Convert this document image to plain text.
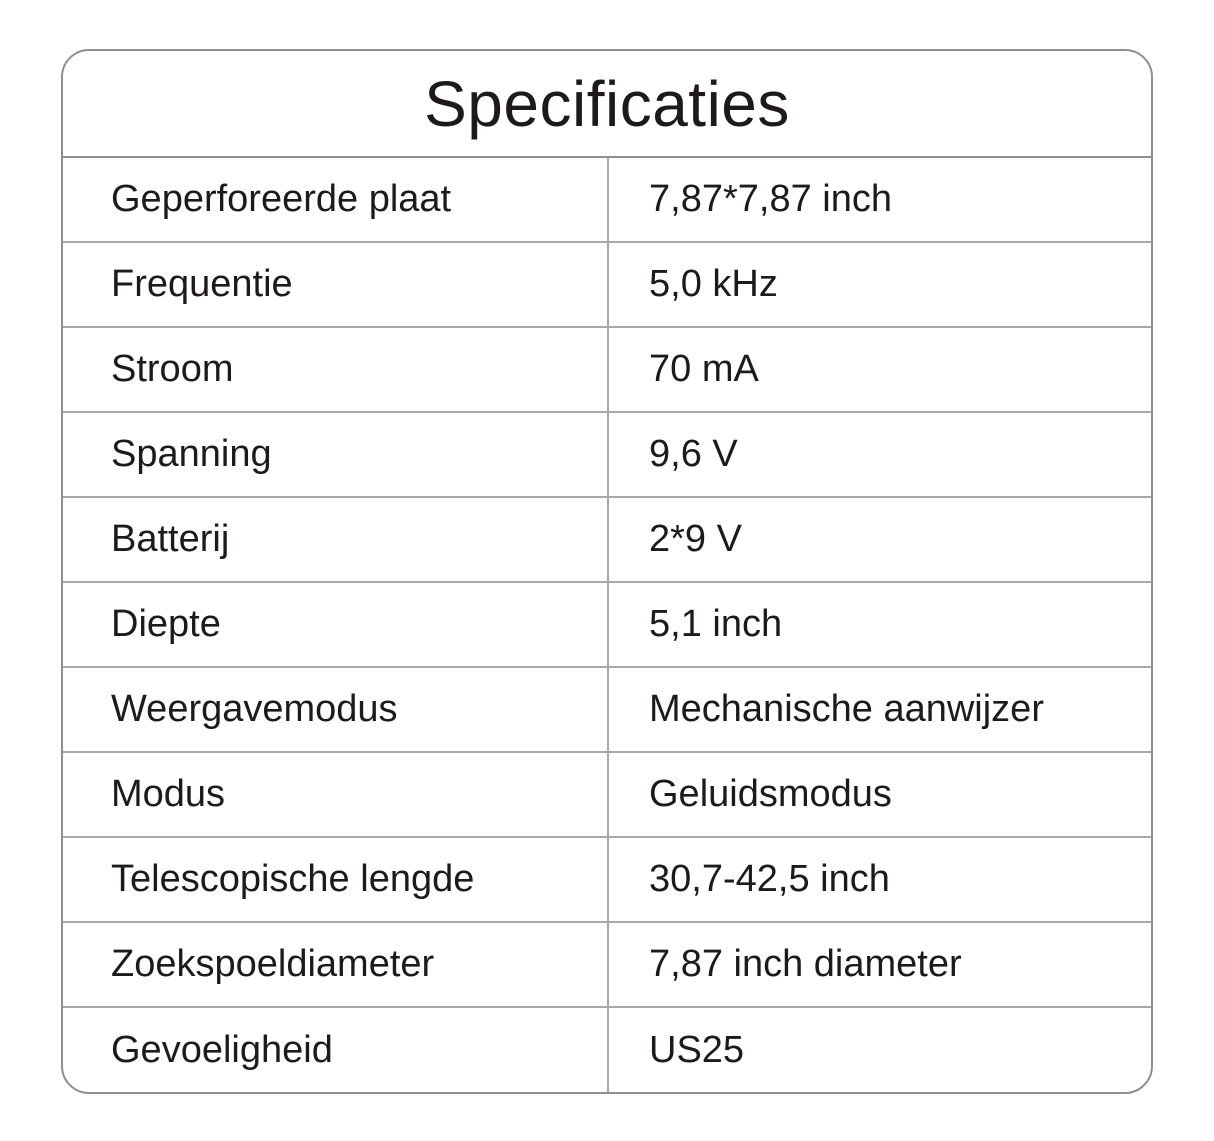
Specificaties
Geperforeerde plaat	7,87*7,87 inch
Frequentie	5,0 kHz
Stroom	70 mA
Spanning	9,6 V
Batterij	2*9 V
Diepte	5,1 inch
Weergavemodus	Mechanische aanwijzer
Modus	Geluidsmodus
Telescopische lengde	30,7-42,5 inch
Zoekspoeldiameter	7,87 inch diameter
Gevoeligheid	US25
